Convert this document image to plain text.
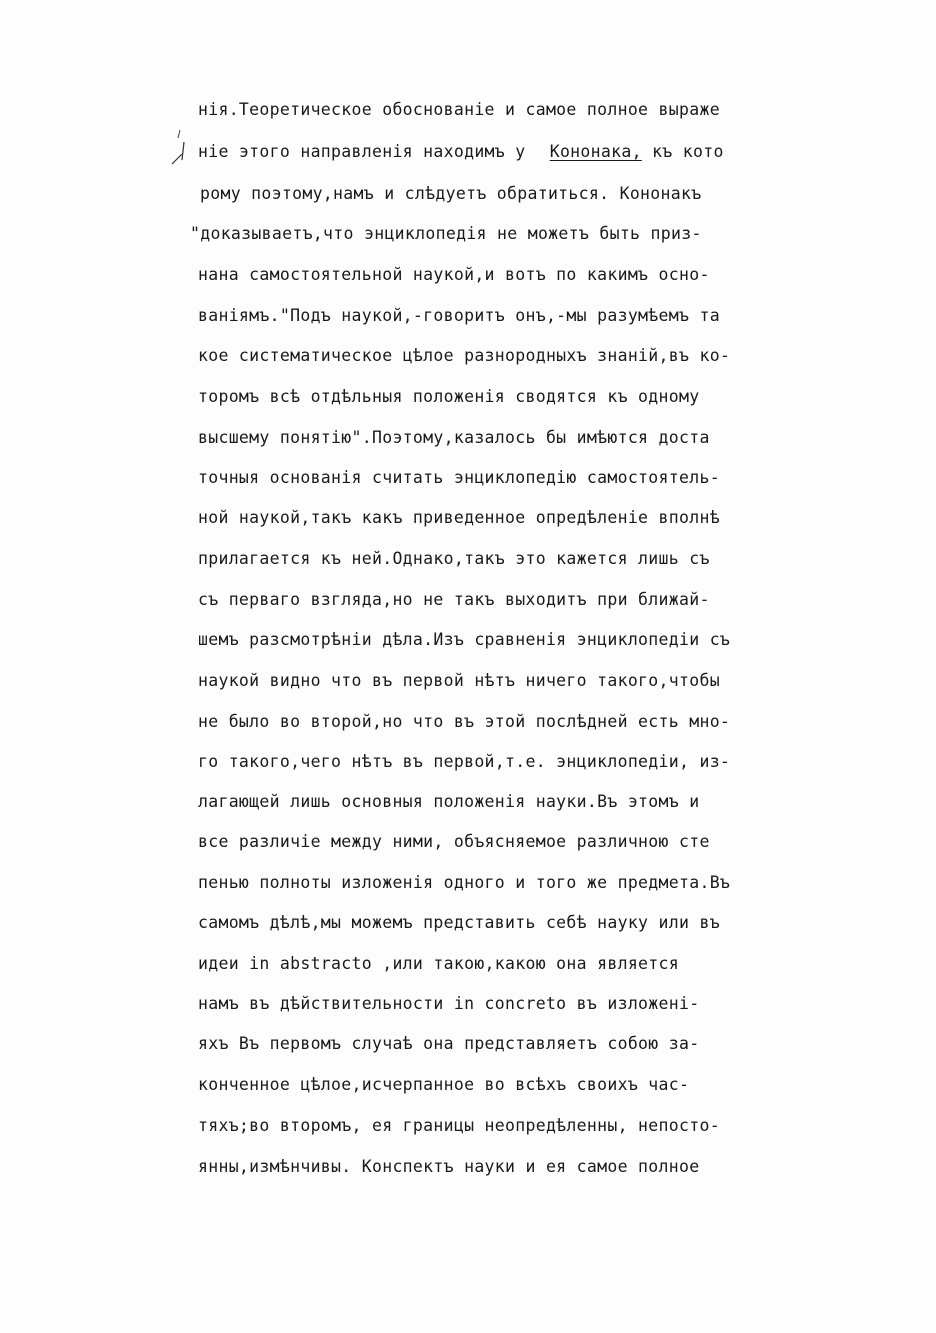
нія.Теоретическое обоснованіе и самое полное выраже
ніе этого направленія находимъ у Кононака, къ кото
рому поэтому,намъ и слѣдуетъ обратиться. Кононакъ
"доказываетъ,что энциклопедія не можетъ быть приз-
нана самостоятельной наукой,и вотъ по какимъ осно-
ваніямъ."Подъ наукой,-говоритъ онъ,-мы разумѣемъ та
кое систематическое цѣлое разнородныхъ знаній,въ ко-
торомъ всѣ отдѣльныя положенія сводятся къ одному
высшему понятію".Поэтому,казалось бы имѣются доста
точныя основанія считать энциклопедію самостоятель-
ной наукой,такъ какъ приведенное опредѣленіе вполнѣ
прилагается къ ней.Однако,такъ это кажется лишь съ
съ перваго взгляда,но не такъ выходитъ при ближай-
шемъ разсмотрѣніи дѣла.Изъ сравненія энциклопедіи съ
наукой видно что въ первой нѣтъ ничего такого,чтобы
не было во второй,но что въ этой послѣдней есть мно-
го такого,чего нѣтъ въ первой,т.е. энциклопедіи, из-
лагающей лишь основныя положенія науки.Въ этомъ и
все различіе между ними, объясняемое различною сте
пенью полноты изложенія одного и того же предмета.Въ
самомъ дѣлѣ,мы можемъ представить себѣ науку или въ
идеи in abstracto ,или такою,какою она является
намъ въ дѣйствительности in concreto въ изложені-
яхъ Въ первомъ случаѣ она представляетъ собою за-
конченное цѣлое,исчерпанное во всѣхъ своихъ час-
тяхъ;во второмъ, ея границы неопредѣленны, непосто-
янны,измѣнчивы. Конспектъ науки и ея самое полное
